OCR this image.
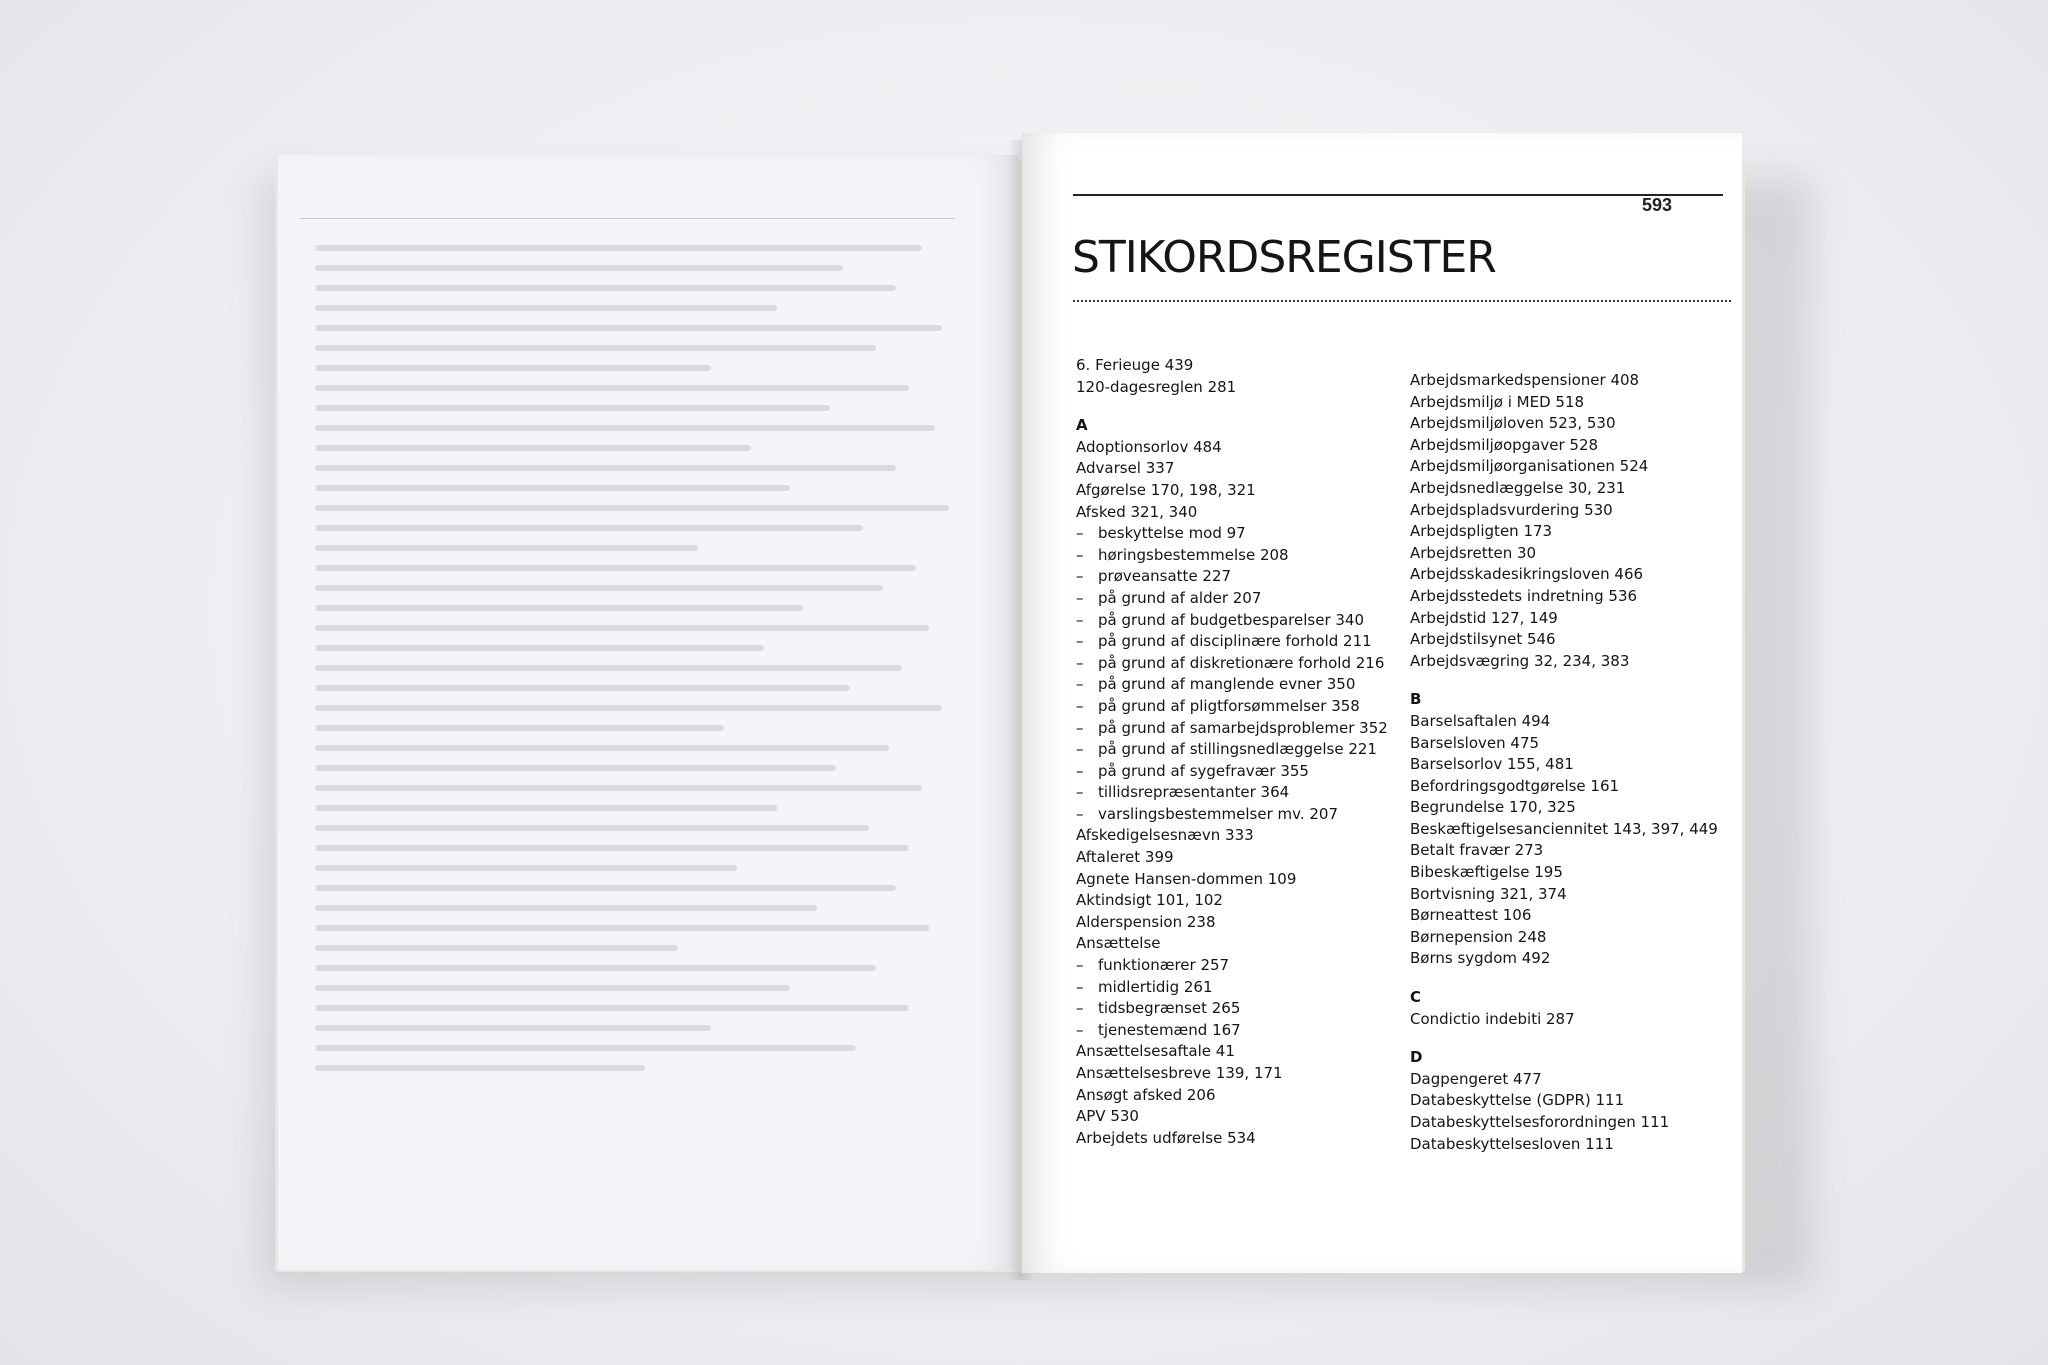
593
STIKORDSREGISTER
6. Ferieuge 439
120-dagesreglen 281
A
Adoptionsorlov 484
Advarsel 337
Afgørelse 170, 198, 321
Afsked 321, 340
– beskyttelse mod 97
– høringsbestemmelse 208
– prøveansatte 227
– på grund af alder 207
– på grund af budgetbesparelser 340
– på grund af disciplinære forhold 211
– på grund af diskretionære forhold 216
– på grund af manglende evner 350
– på grund af pligtforsømmelser 358
– på grund af samarbejdsproblemer 352
– på grund af stillingsnedlæggelse 221
– på grund af sygefravær 355
– tillidsrepræsentanter 364
– varslingsbestemmelser mv. 207
Afskedigelsesnævn 333
Aftaleret 399
Agnete Hansen-dommen 109
Aktindsigt 101, 102
Alderspension 238
Ansættelse
– funktionærer 257
– midlertidig 261
– tidsbegrænset 265
– tjenestemænd 167
Ansættelsesaftale 41
Ansættelsesbreve 139, 171
Ansøgt afsked 206
APV 530
Arbejdets udførelse 534
Arbejdsmarkedspensioner 408
Arbejdsmiljø i MED 518
Arbejdsmiljøloven 523, 530
Arbejdsmiljøopgaver 528
Arbejdsmiljøorganisationen 524
Arbejdsnedlæggelse 30, 231
Arbejdspladsvurdering 530
Arbejdspligten 173
Arbejdsretten 30
Arbejdsskadesikringsloven 466
Arbejdsstedets indretning 536
Arbejdstid 127, 149
Arbejdstilsynet 546
Arbejdsvægring 32, 234, 383
B
Barselsaftalen 494
Barselsloven 475
Barselsorlov 155, 481
Befordringsgodtgørelse 161
Begrundelse 170, 325
Beskæftigelsesanciennitet 143, 397, 449
Betalt fravær 273
Bibeskæftigelse 195
Bortvisning 321, 374
Børneattest 106
Børnepension 248
Børns sygdom 492
C
Condictio indebiti 287
D
Dagpengeret 477
Databeskyttelse (GDPR) 111
Databeskyttelsesforordningen 111
Databeskyttelsesloven 111
